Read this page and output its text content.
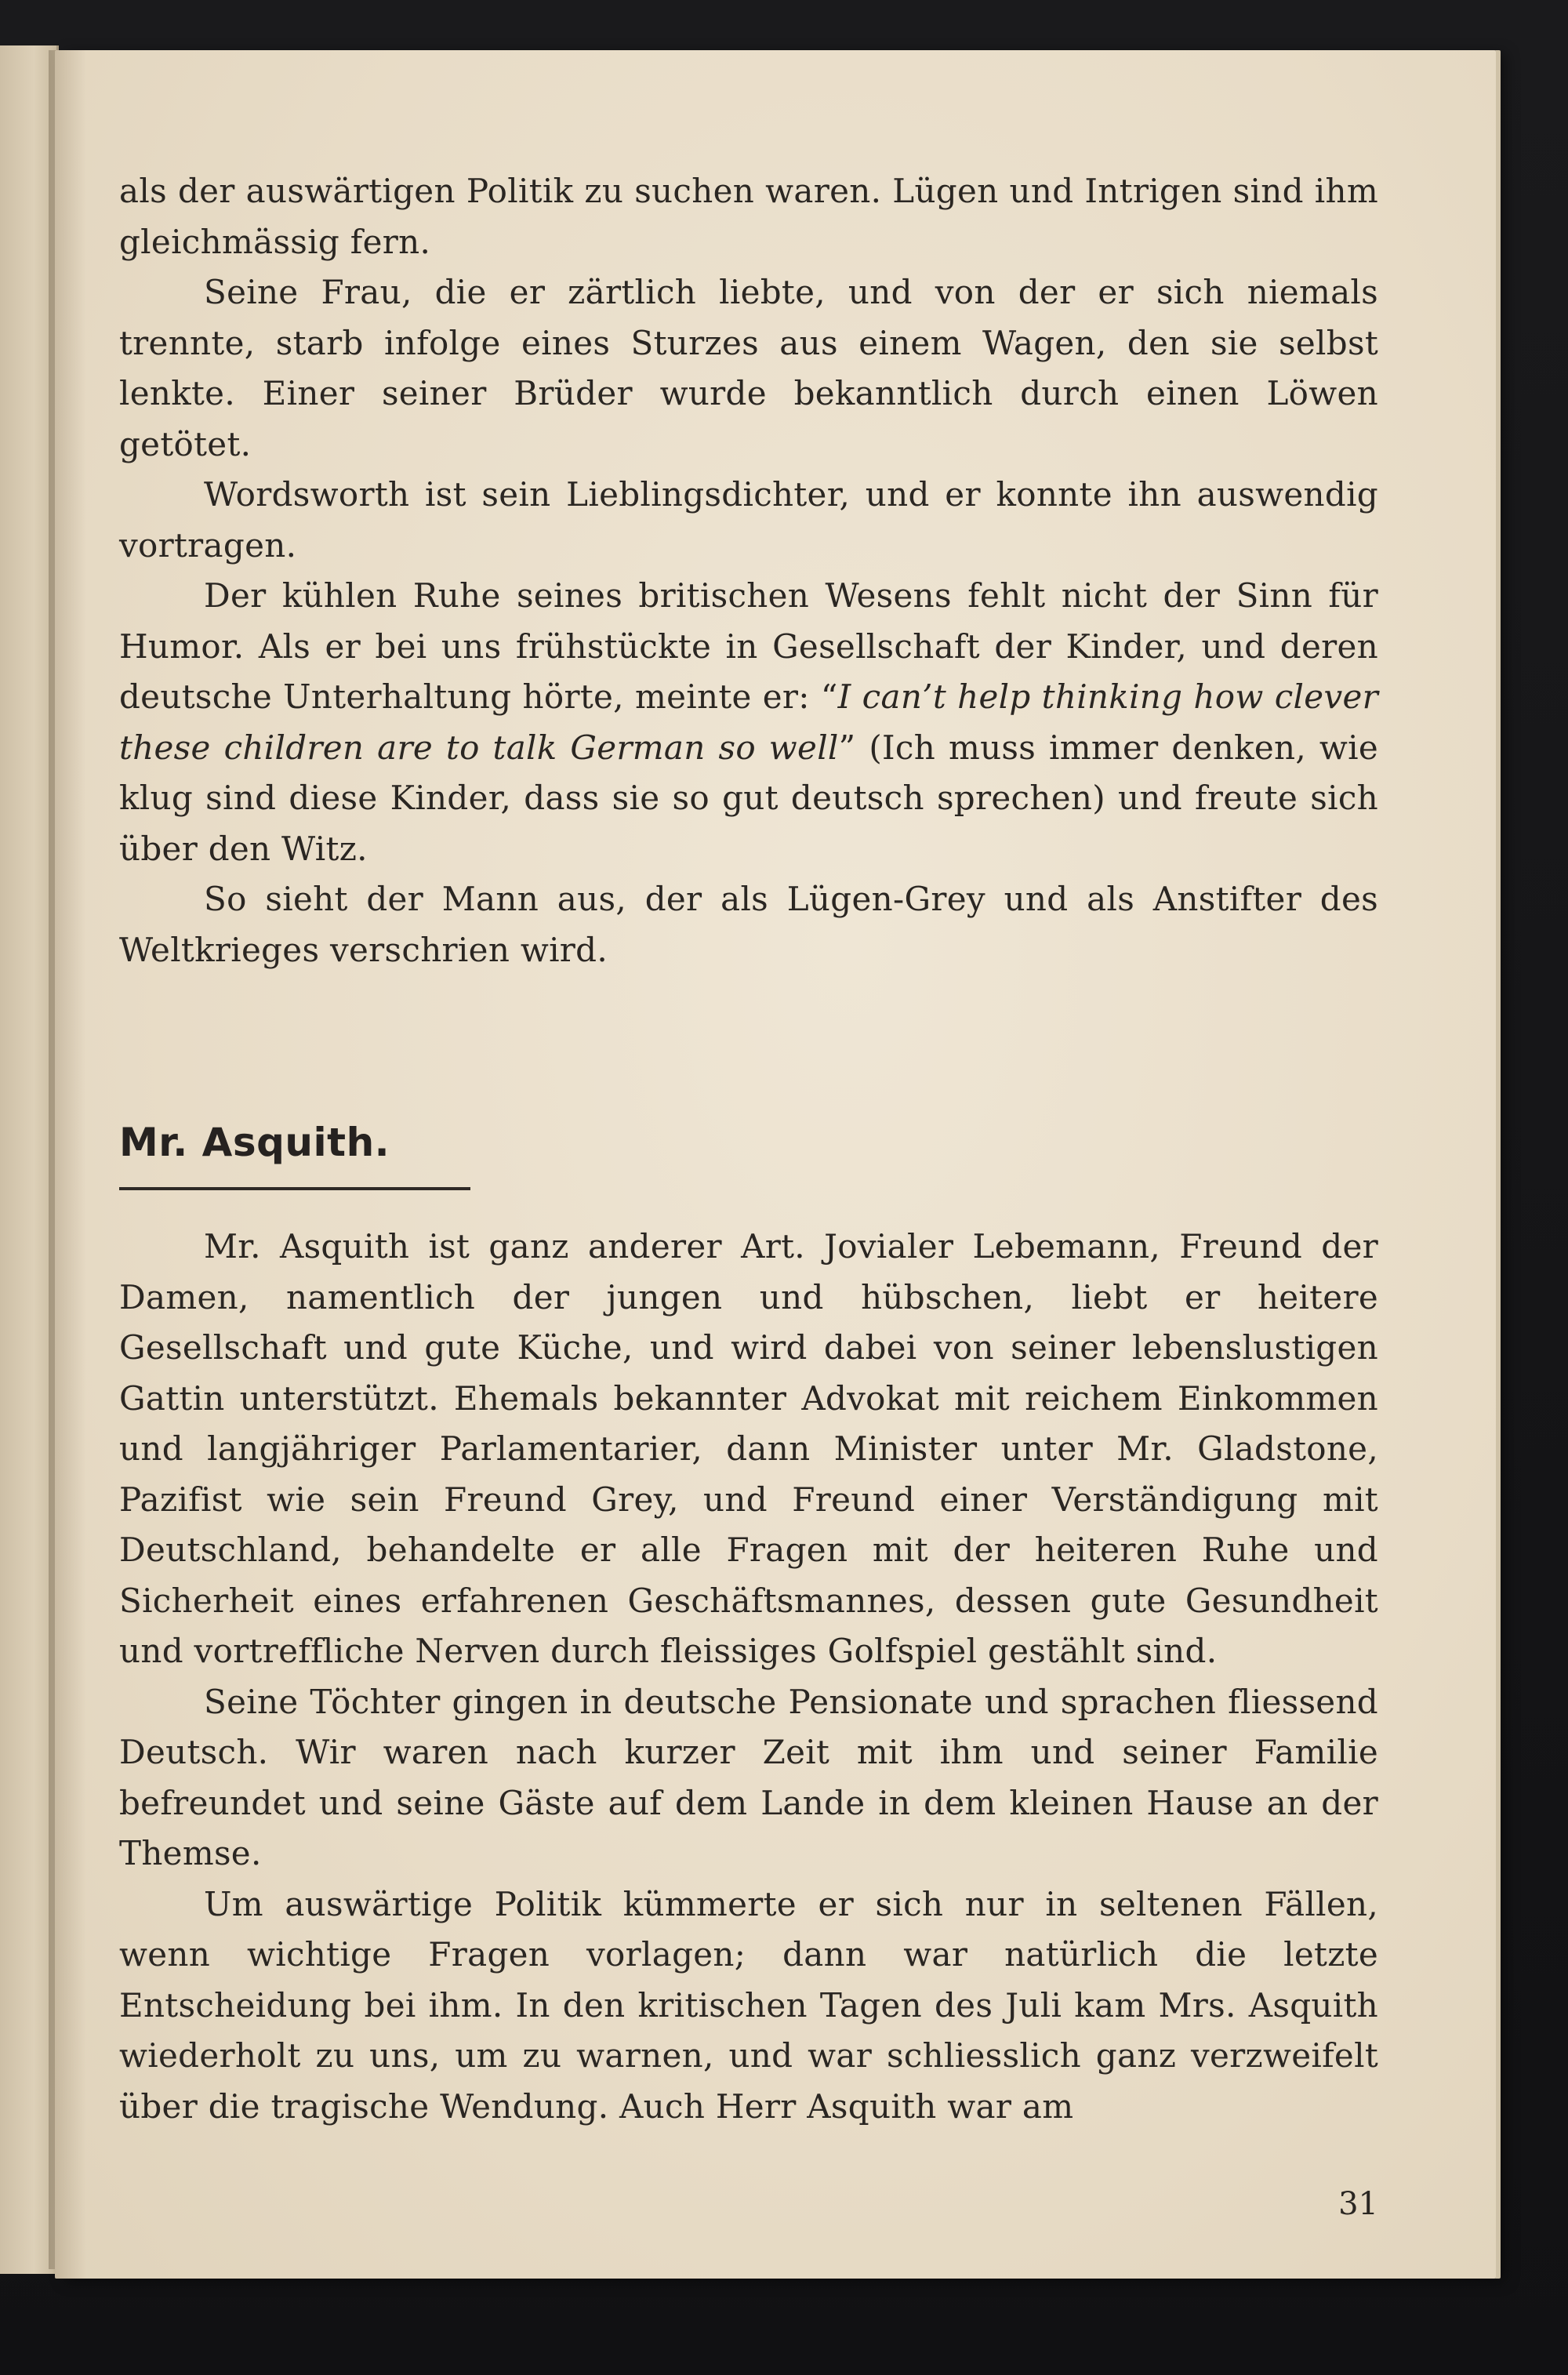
als der auswärtigen Politik zu suchen waren. Lügen und Intrigen sind ihm gleichmässig fern.

Seine Frau, die er zärtlich liebte, und von der er sich niemals trennte, starb infolge eines Sturzes aus einem Wagen, den sie selbst lenkte. Einer seiner Brüder wurde bekanntlich durch einen Löwen getötet.

Wordsworth ist sein Lieblingsdichter, und er konnte ihn auswendig vortragen.

Der kühlen Ruhe seines britischen Wesens fehlt nicht der Sinn für Humor. Als er bei uns frühstückte in Gesellschaft der Kinder, und deren deutsche Unterhaltung hörte, meinte er: “I can’t help thinking how clever these children are to talk German so well” (Ich muss immer denken, wie klug sind diese Kinder, dass sie so gut deutsch sprechen) und freute sich über den Witz.

So sieht der Mann aus, der als Lügen-Grey und als Anstifter des Weltkrieges verschrien wird.

Mr. Asquith.

Mr. Asquith ist ganz anderer Art. Jovialer Lebemann, Freund der Damen, namentlich der jungen und hübschen, liebt er heitere Gesellschaft und gute Küche, und wird dabei von seiner lebenslustigen Gattin unterstützt. Ehemals bekannter Advokat mit reichem Einkommen und langjähriger Parlamentarier, dann Minister unter Mr. Gladstone, Pazifist wie sein Freund Grey, und Freund einer Verständigung mit Deutschland, behandelte er alle Fragen mit der heiteren Ruhe und Sicherheit eines erfahrenen Geschäftsmannes, dessen gute Gesundheit und vortreffliche Nerven durch fleissiges Golfspiel gestählt sind.

Seine Töchter gingen in deutsche Pensionate und sprachen fliessend Deutsch. Wir waren nach kurzer Zeit mit ihm und seiner Familie befreundet und seine Gäste auf dem Lande in dem kleinen Hause an der Themse.

Um auswärtige Politik kümmerte er sich nur in seltenen Fällen, wenn wichtige Fragen vorlagen; dann war natürlich die letzte Entscheidung bei ihm. In den kritischen Tagen des Juli kam Mrs. Asquith wiederholt zu uns, um zu warnen, und war schliesslich ganz verzweifelt über die tragische Wendung. Auch Herr Asquith war am

31
